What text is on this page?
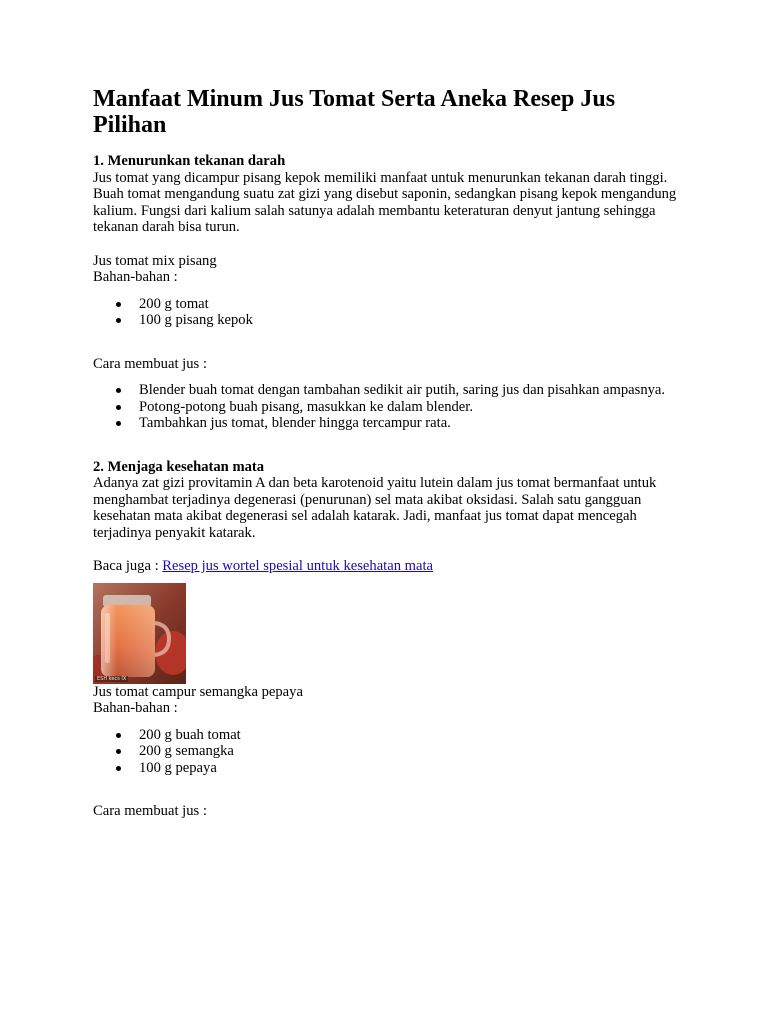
Manfaat Minum Jus Tomat Serta Aneka Resep Jus Pilihan
1. Menurunkan tekanan darah

Jus tomat yang dicampur pisang kepok memiliki manfaat untuk menurunkan tekanan darah tinggi. Buah tomat mengandung suatu zat gizi yang disebut saponin, sedangkan pisang kepok mengandung kalium. Fungsi dari kalium salah satunya adalah membantu keteraturan denyut jantung sehingga tekanan darah bisa turun.

Jus tomat mix pisang

Bahan-bahan :

200 g tomat
100 g pisang kepok

Cara membuat jus :

Blender buah tomat dengan tambahan sedikit air putih, saring jus dan pisahkan ampasnya.
Potong-potong buah pisang, masukkan ke dalam blender.
Tambahkan jus tomat, blender hingga tercampur rata.
2. Menjaga kesehatan mata

Adanya zat gizi provitamin A dan beta karotenoid yaitu lutein dalam jus tomat bermanfaat untuk menghambat terjadinya degenerasi (penurunan) sel mata akibat oksidasi. Salah satu gangguan kesehatan mata akibat degenerasi sel adalah katarak. Jadi, manfaat jus tomat dapat mencegah terjadinya penyakit katarak.

Baca juga : Resep jus wortel spesial untuk kesehatan mata

ESH kecs IX

Jus tomat campur semangka pepaya

Bahan-bahan :

200 g buah tomat
200 g semangka
100 g pepaya

Cara membuat jus :
